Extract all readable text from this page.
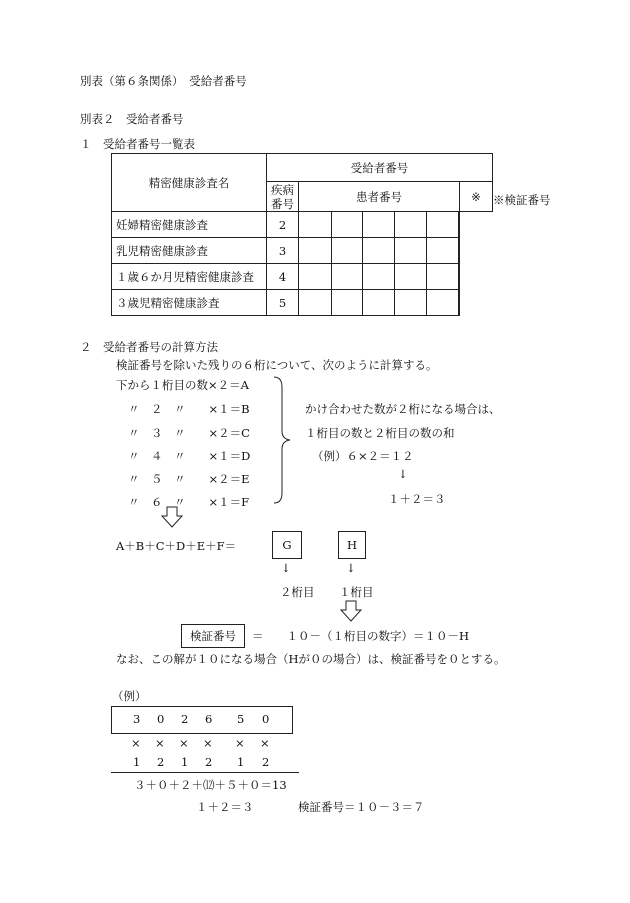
別表（第６条関係）　受給者番号
別表２　受給者番号
１　受給者番号一覧表
精密健康診査名	受給者番号						

	疾病
番号	患者番号					※
妊婦精密健康診査	2						
乳児精密健康診査	3						
１歳６か月児精密健康診査	4						
３歳児精密健康診査	5						
※検証番号
２　受給者番号の計算方法
検証番号を除いた残りの６桁について、次のように計算する。
下から１桁目の数×２＝A
〃　２　〃　　×１＝B
〃　３　〃　　×２＝C
〃　４　〃　　×１＝D
〃　５　〃　　×２＝E
〃　６　〃　　×１＝F
かけ合わせた数が２桁になる場合は、
１桁目の数と２桁目の数の和
（例）６×２＝１２
↓
１＋２＝３
A＋B＋C＋D＋E＋F＝	G	H
↓	↓
２桁目 １桁目
検証番号	＝　　１０－（１桁目の数字）＝１０－H
なお、この解が１０になる場合（Hが０の場合）は、検証番号を０とする。
（例）
3 0 2 6 5 0
× × × × × ×
1 2 1 2 1 2
３＋０＋２＋⑿＋５＋０＝13
１＋２＝３	検証番号＝１０－３＝７
